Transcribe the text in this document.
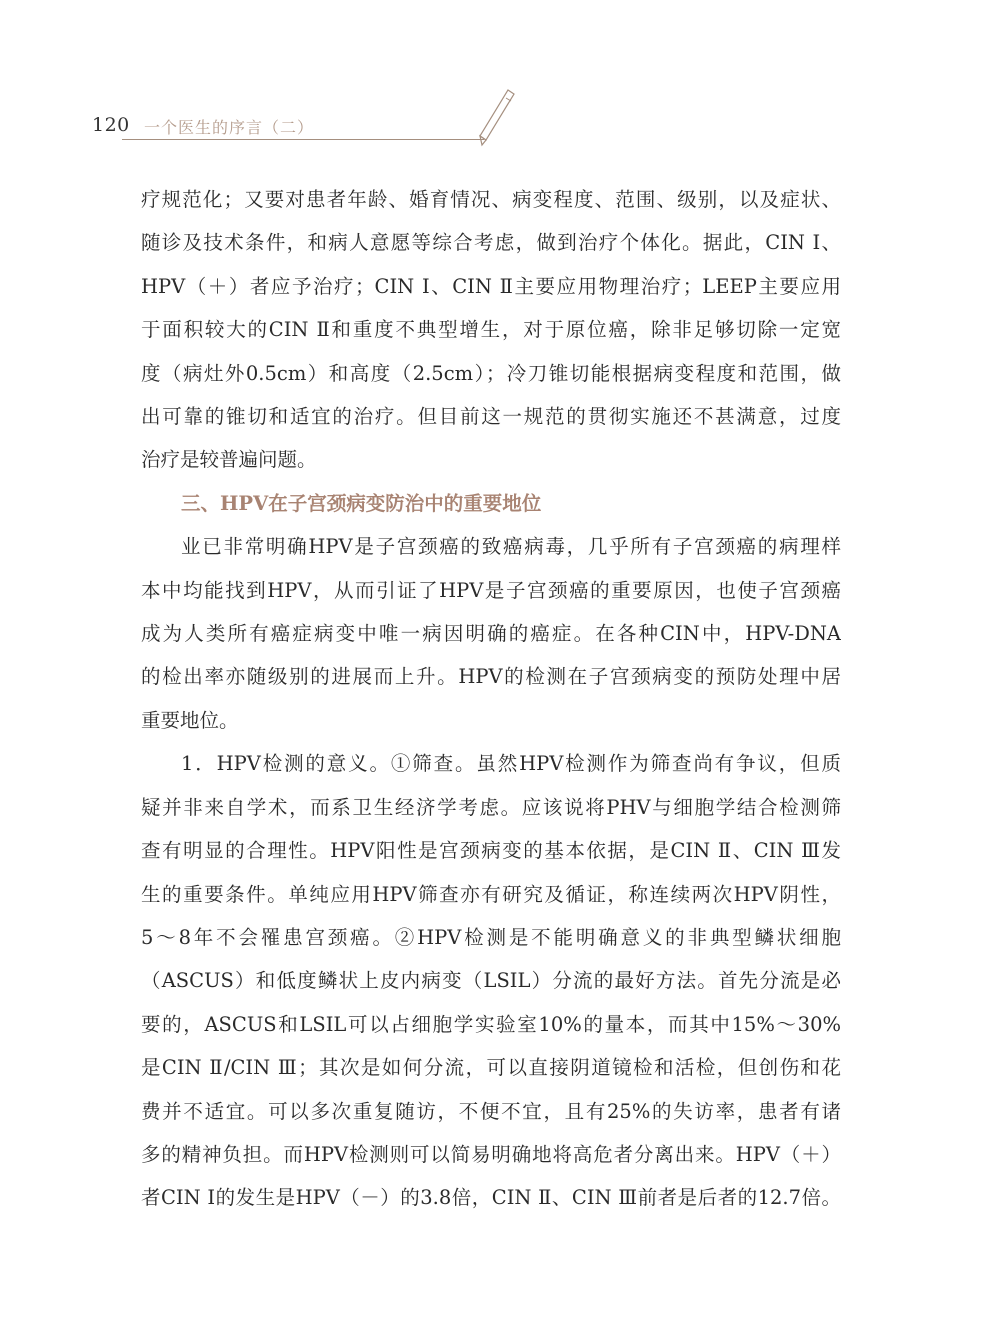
120 一个医生的序言（二）
疗规范化；又要对患者年龄、婚育情况、病变程度、范围、级别，以及症状、
随诊及技术条件，和病人意愿等综合考虑，做到治疗个体化。据此，CIN Ⅰ、
HPV（＋）者应予治疗；CIN Ⅰ、CIN Ⅱ主要应用物理治疗；LEEP主要应用
于面积较大的CIN Ⅱ和重度不典型增生，对于原位癌，除非足够切除一定宽
度（病灶外0.5cm）和高度（2.5cm）；冷刀锥切能根据病变程度和范围，做
出可靠的锥切和适宜的治疗。但目前这一规范的贯彻实施还不甚满意，过度
治疗是较普遍问题。
三、HPV在子宫颈病变防治中的重要地位
业已非常明确HPV是子宫颈癌的致癌病毒，几乎所有子宫颈癌的病理样
本中均能找到HPV，从而引证了HPV是子宫颈癌的重要原因，也使子宫颈癌
成为人类所有癌症病变中唯一病因明确的癌症。在各种CIN中，HPV-DNA
的检出率亦随级别的进展而上升。HPV的检测在子宫颈病变的预防处理中居
重要地位。
1．HPV检测的意义。①筛查。虽然HPV检测作为筛查尚有争议，但质
疑并非来自学术，而系卫生经济学考虑。应该说将PHV与细胞学结合检测筛
查有明显的合理性。HPV阳性是宫颈病变的基本依据，是CIN Ⅱ、CIN Ⅲ发
生的重要条件。单纯应用HPV筛查亦有研究及循证，称连续两次HPV阴性，
5～8年不会罹患宫颈癌。②HPV检测是不能明确意义的非典型鳞状细胞
（ASCUS）和低度鳞状上皮内病变（LSIL）分流的最好方法。首先分流是必
要的，ASCUS和LSIL可以占细胞学实验室10%的量本，而其中15%～30%
是CIN Ⅱ/CIN Ⅲ；其次是如何分流，可以直接阴道镜检和活检，但创伤和花
费并不适宜。可以多次重复随访，不便不宜，且有25%的失访率，患者有诸
多的精神负担。而HPV检测则可以简易明确地将高危者分离出来。HPV（＋）
者CIN Ⅰ的发生是HPV（－）的3.8倍，CIN Ⅱ、CIN Ⅲ前者是后者的12.7倍。
